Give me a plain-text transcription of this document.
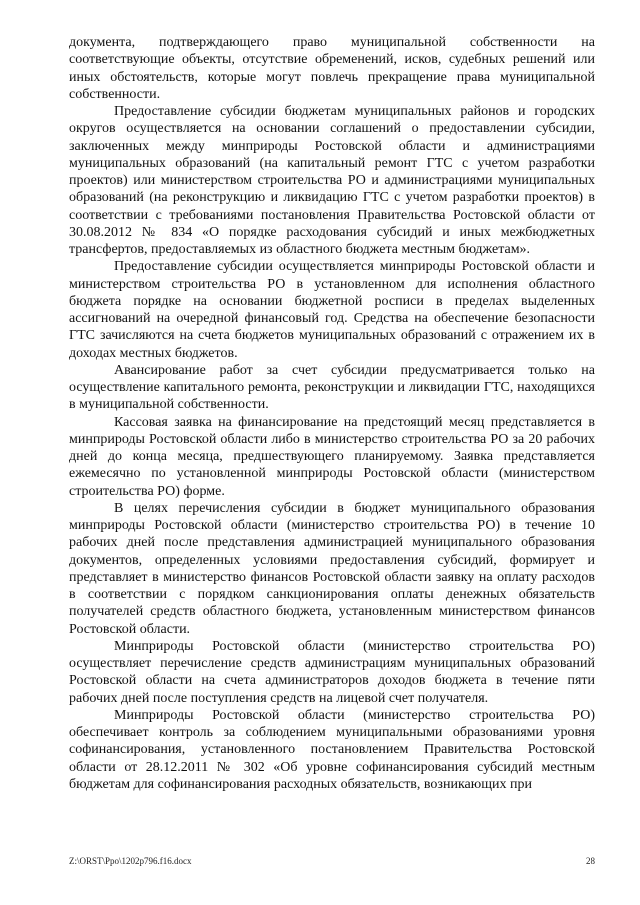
документа, подтверждающего право муниципальной собственности на соответствующие объекты, отсутствие обременений, исков, судебных решений или иных обстоятельств, которые могут повлечь прекращение права муниципальной собственности.

Предоставление субсидии бюджетам муниципальных районов и городских округов осуществляется на основании соглашений о предоставлении субсидии, заключенных между минприроды Ростовской области и администрациями муниципальных образований (на капитальный ремонт ГТС с учетом разработки проектов) или министерством строительства РО и администрациями муниципальных образований (на реконструкцию и ликвидацию ГТС с учетом разработки проектов) в соответствии с требованиями постановления Правительства Ростовской области от 30.08.2012 № 834 «О порядке расходования субсидий и иных межбюджетных трансфертов, предоставляемых из областного бюджета местным бюджетам».

Предоставление субсидии осуществляется минприроды Ростовской области и министерством строительства РО в установленном для исполнения областного бюджета порядке на основании бюджетной росписи в пределах выделенных ассигнований на очередной финансовый год. Средства на обеспечение безопасности ГТС зачисляются на счета бюджетов муниципальных образований с отражением их в доходах местных бюджетов.

Авансирование работ за счет субсидии предусматривается только на осуществление капитального ремонта, реконструкции и ликвидации ГТС, находящихся в муниципальной собственности.

Кассовая заявка на финансирование на предстоящий месяц представляется в минприроды Ростовской области либо в министерство строительства РО за 20 рабочих дней до конца месяца, предшествующего планируемому. Заявка представляется ежемесячно по установленной минприроды Ростовской области (министерством строительства РО) форме.

В целях перечисления субсидии в бюджет муниципального образования минприроды Ростовской области (министерство строительства РО) в течение 10 рабочих дней после представления администрацией муниципального образования документов, определенных условиями предоставления субсидий, формирует и представляет в министерство финансов Ростовской области заявку на оплату расходов в соответствии с порядком санкционирования оплаты денежных обязательств получателей средств областного бюджета, установленным министерством финансов Ростовской области.

Минприроды Ростовской области (министерство строительства РО) осуществляет перечисление средств администрациям муниципальных образований Ростовской области на счета администраторов доходов бюджета в течение пяти рабочих дней после поступления средств на лицевой счет получателя.

Минприроды Ростовской области (министерство строительства РО) обеспечивает контроль за соблюдением муниципальными образованиями уровня софинансирования, установленного постановлением Правительства Ростовской области от 28.12.2011 № 302 «Об уровне софинансирования субсидий местным бюджетам для софинансирования расходных обязательств, возникающих при

Z:\ORST\Ppo\1202p796.f16.docx	28
